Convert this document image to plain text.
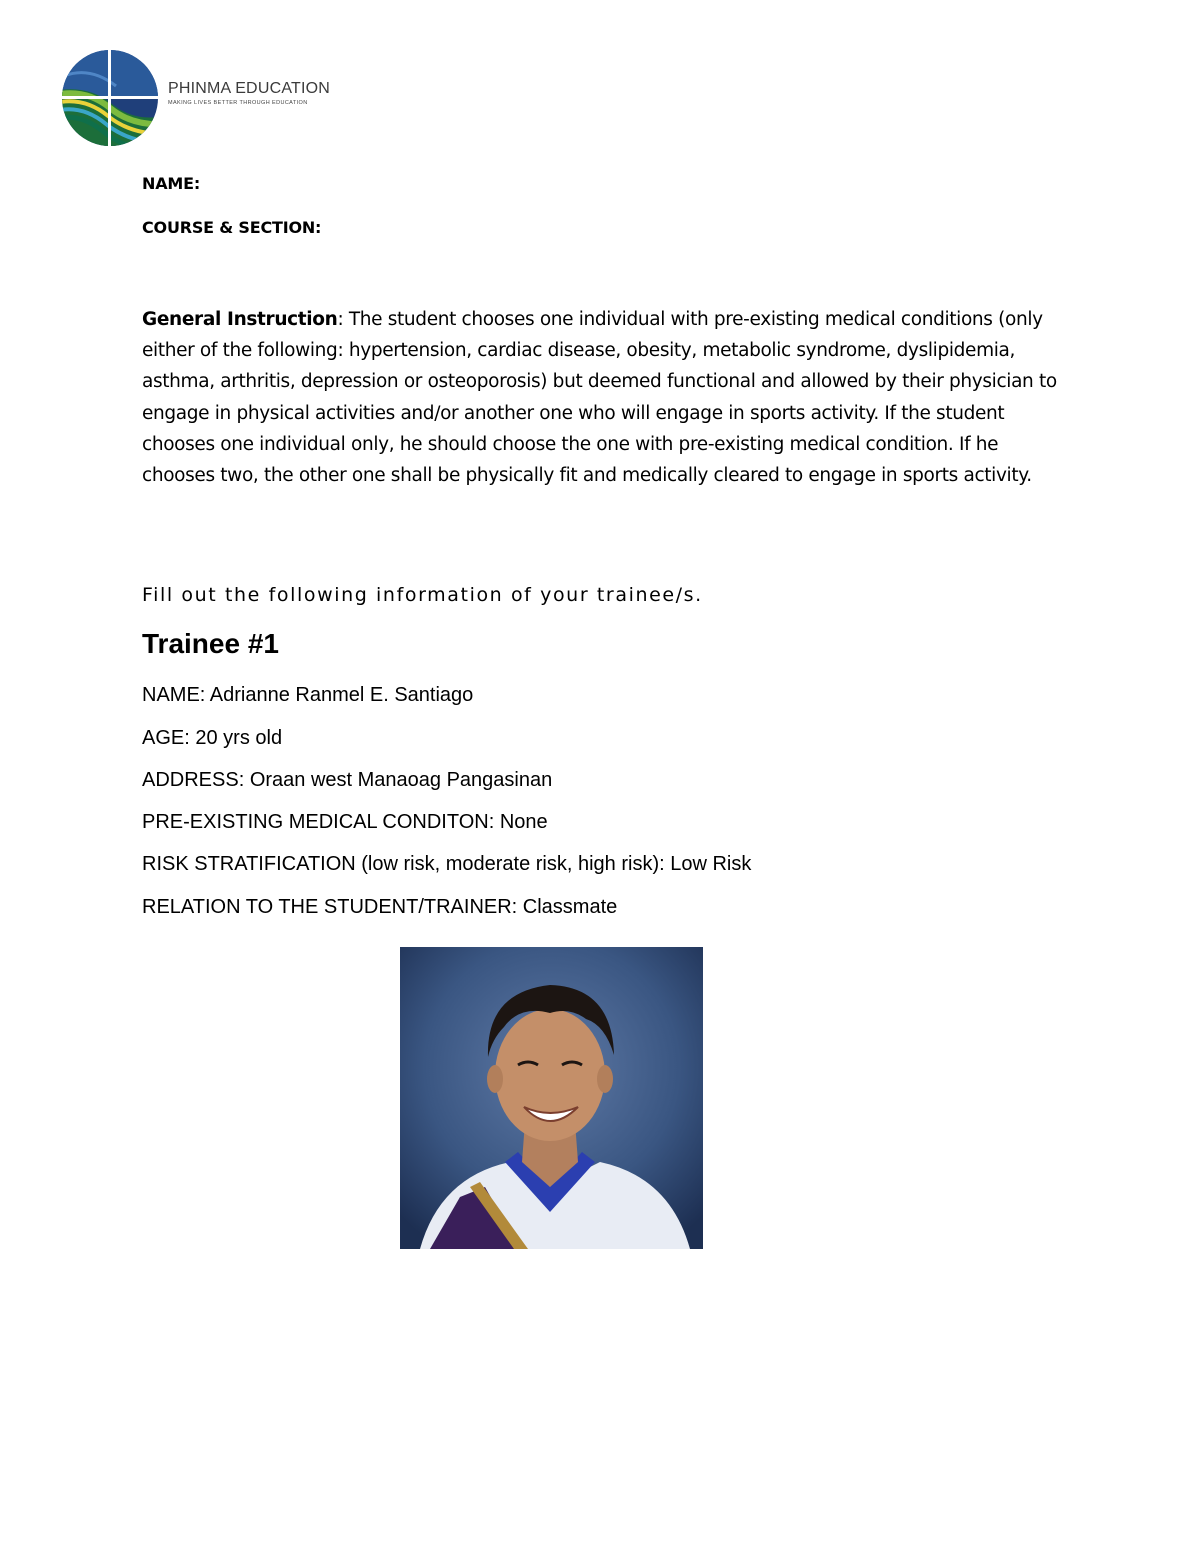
PHINMA EDUCATION
MAKING LIVES BETTER THROUGH EDUCATION
NAME:
COURSE & SECTION:
General Instruction: The student chooses one individual with pre-existing medical conditions (only either of the following: hypertension, cardiac disease, obesity, metabolic syndrome, dyslipidemia, asthma, arthritis, depression or osteoporosis) but deemed functional and allowed by their physician to engage in physical activities and/or another one who will engage in sports activity. If the student chooses one individual only, he should choose the one with pre-existing medical condition. If he chooses two, the other one shall be physically fit and medically cleared to engage in sports activity.
Fill out the following information of your trainee/s.
Trainee #1
NAME: Adrianne Ranmel E. Santiago
AGE: 20 yrs old
ADDRESS: Oraan west Manaoag Pangasinan
PRE-EXISTING MEDICAL CONDITON: None
RISK STRATIFICATION (low risk, moderate risk, high risk): Low Risk
RELATION TO THE STUDENT/TRAINER: Classmate
